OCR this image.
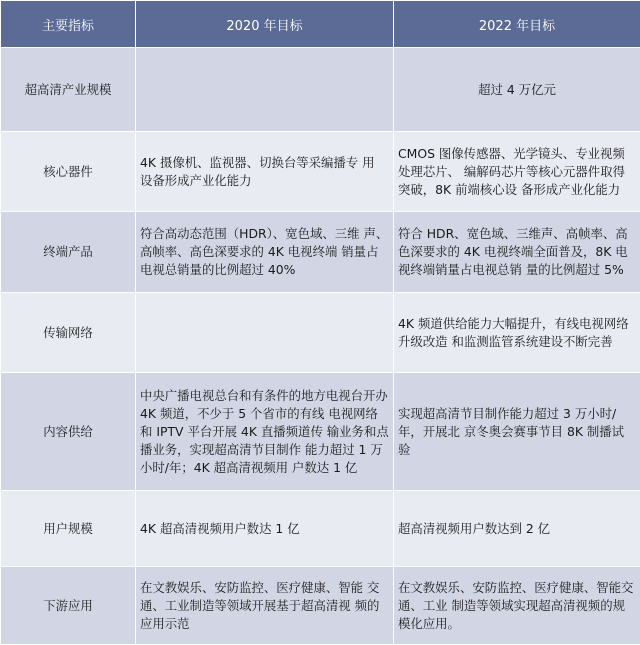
主要指标	2020 年目标	2022 年目标
超高清产业规模		超过 4 万亿元
核心器件	4K 摄像机、监视器、切换台等采编播专 用 设备形成产业化能力	CMOS 图像传感器、光学镜头、专业视频处理芯片、 编解码芯片等核心元器件取得突破，8K 前端核心设 备形成产业化能力
终端产品	符合高动态范围（HDR）、宽色域、三维 声、高帧率、高色深要求的 4K 电视终端 销量占电视总销量的比例超过 40%	符合 HDR、宽色域、三维声、高帧率、高色深要求的 4K 电视终端全面普及，8K 电视终端销量占电视总销 量的比例超过 5%
传输网络		4K 频道供给能力大幅提升，有线电视网络升级改造 和监测监管系统建设不断完善
内容供给	中央广播电视总台和有条件的地方电视台开办 4K 频道，不少于 5 个省市的有线 电视网络和 IPTV 平台开展 4K 直播频道传 输业务和点播业务，实现超高清节目制作 能力超过 1 万小时/年；4K 超高清视频用 户数达 1 亿	实现超高清节目制作能力超过 3 万小时/年，开展北 京冬奥会赛事节目 8K 制播试验
用户规模	4K 超高清视频用户数达 1 亿	超高清视频用户数达到 2 亿
下游应用	在文教娱乐、安防监控、医疗健康、智能 交通、工业制造等领域开展基于超高清视 频的应用示范	在文教娱乐、安防监控、医疗健康、智能交通、工业 制造等领域实现超高清视频的规模化应用。
